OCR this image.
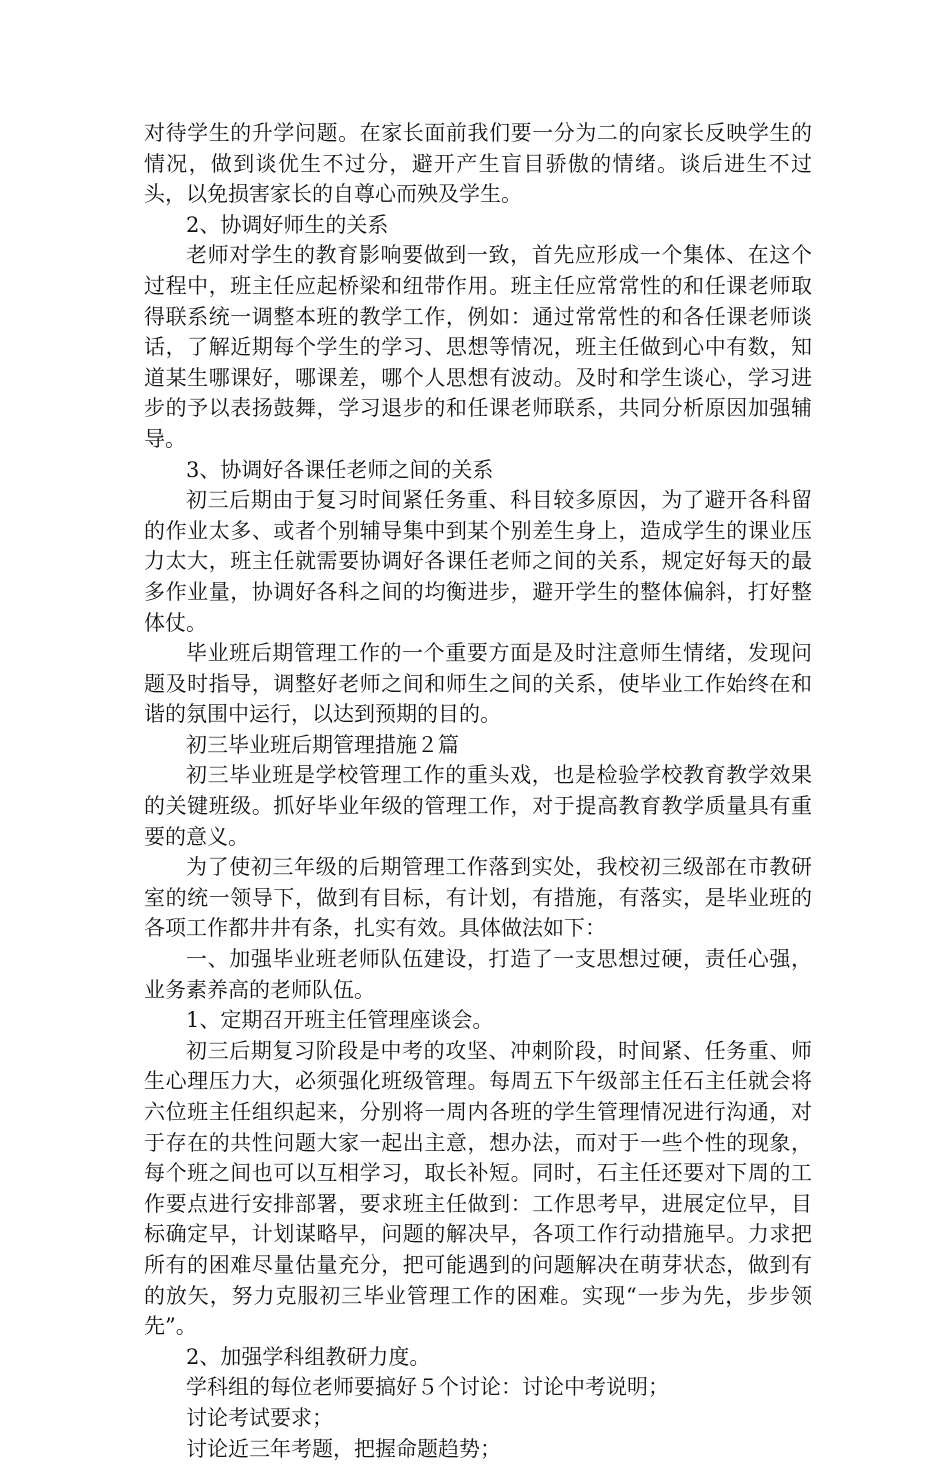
对待学生的升学问题。在家长面前我们要一分为二的向家长反映学生的情况，做到谈优生不过分，避开产生盲目骄傲的情绪。谈后进生不过头，以免损害家长的自尊心而殃及学生。

2、协调好师生的关系

老师对学生的教育影响要做到一致，首先应形成一个集体、在这个过程中，班主任应起桥梁和纽带作用。班主任应常常性的和任课老师取得联系统一调整本班的教学工作，例如：通过常常性的和各任课老师谈话，了解近期每个学生的学习、思想等情况，班主任做到心中有数，知道某生哪课好，哪课差，哪个人思想有波动。及时和学生谈心，学习进步的予以表扬鼓舞，学习退步的和任课老师联系，共同分析原因加强辅导。

3、协调好各课任老师之间的关系

初三后期由于复习时间紧任务重、科目较多原因，为了避开各科留的作业太多、或者个别辅导集中到某个别差生身上，造成学生的课业压力太大，班主任就需要协调好各课任老师之间的关系，规定好每天的最多作业量，协调好各科之间的均衡进步，避开学生的整体偏斜，打好整体仗。

毕业班后期管理工作的一个重要方面是及时注意师生情绪，发现问题及时指导，调整好老师之间和师生之间的关系，使毕业工作始终在和谐的氛围中运行，以达到预期的目的。

初三毕业班后期管理措施２篇

初三毕业班是学校管理工作的重头戏，也是检验学校教育教学效果的关键班级。抓好毕业年级的管理工作，对于提高教育教学质量具有重要的意义。

为了使初三年级的后期管理工作落到实处，我校初三级部在市教研室的统一领导下，做到有目标，有计划，有措施，有落实，是毕业班的各项工作都井井有条，扎实有效。具体做法如下：

一、加强毕业班老师队伍建设，打造了一支思想过硬，责任心强，业务素养高的老师队伍。

1、定期召开班主任管理座谈会。

初三后期复习阶段是中考的攻坚、冲刺阶段，时间紧、任务重、师生心理压力大，必须强化班级管理。每周五下午级部主任石主任就会将六位班主任组织起来，分别将一周内各班的学生管理情况进行沟通，对于存在的共性问题大家一起出主意，想办法，而对于一些个性的现象，每个班之间也可以互相学习，取长补短。同时，石主任还要对下周的工作要点进行安排部署，要求班主任做到：工作思考早，进展定位早，目标确定早，计划谋略早，问题的解决早，各项工作行动措施早。力求把所有的困难尽量估量充分，把可能遇到的问题解决在萌芽状态，做到有的放矢，努力克服初三毕业管理工作的困难。实现“一步为先，步步领先”。

2、加强学科组教研力度。

学科组的每位老师要搞好５个讨论：讨论中考说明；

讨论考试要求；

讨论近三年考题，把握命题趋势；
